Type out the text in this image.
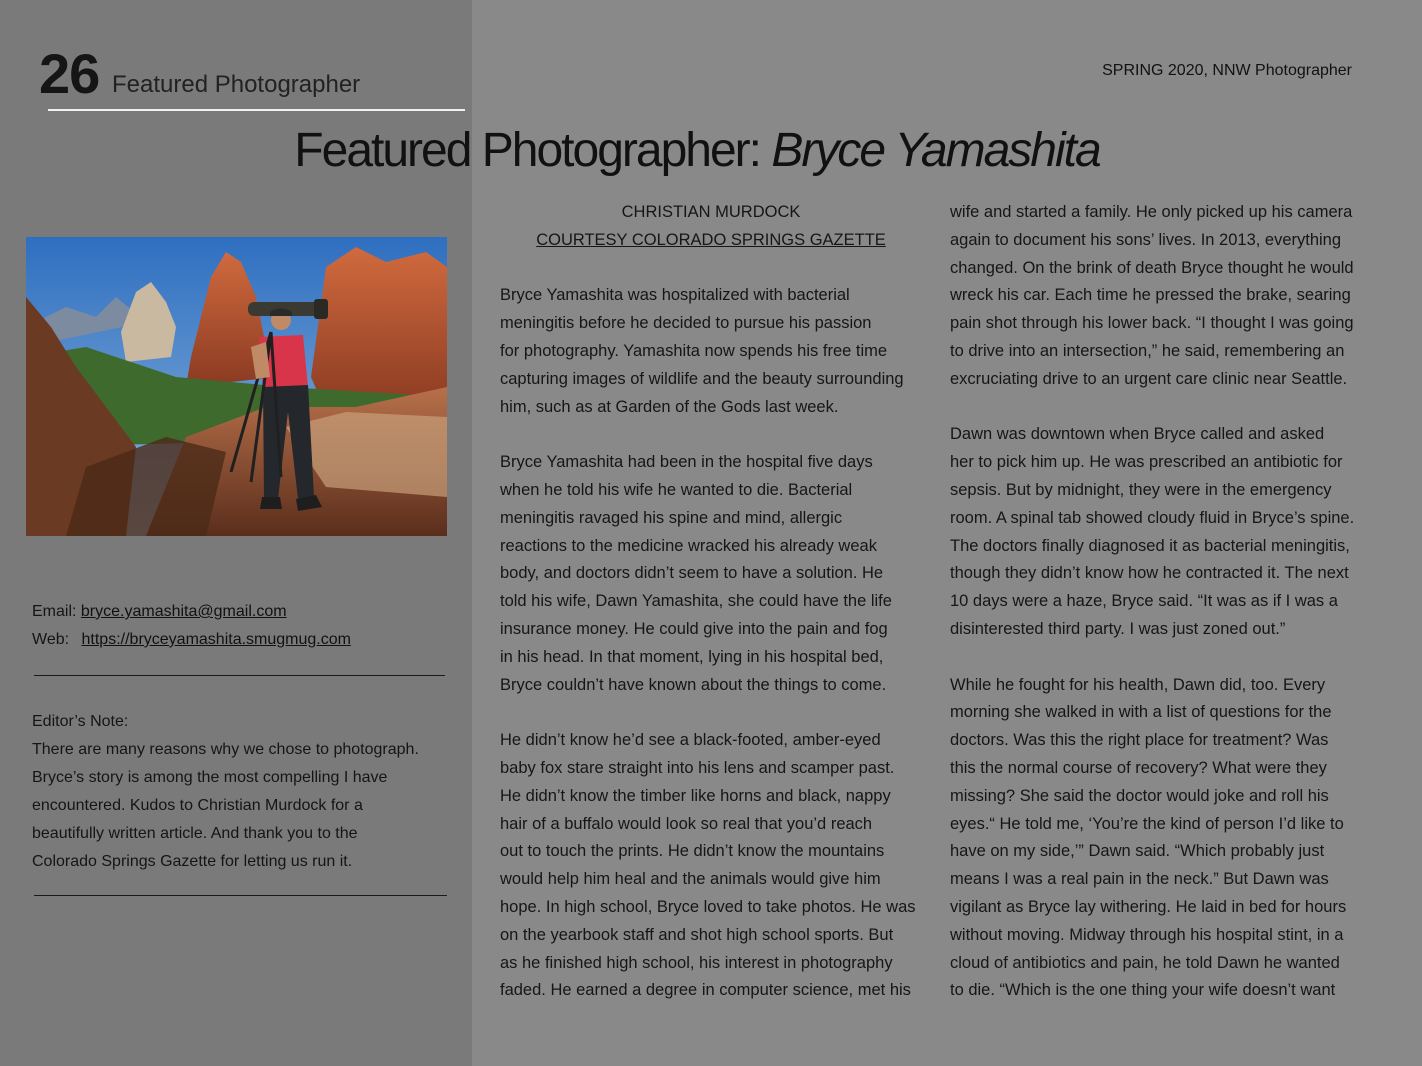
26 Featured Photographer
SPRING 2020, NNW Photographer
Featured Photographer: Bryce Yamashita
Email: bryce.yamashita@gmail.com
Web: https://bryceyamashita.smugmug.com
Editor’s Note:
There are many reasons why we chose to photograph.
Bryce’s story is among the most compelling I have
encountered. Kudos to Christian Murdock for a
beautifully written article. And thank you to the
Colorado Springs Gazette for letting us run it.
CHRISTIAN MURDOCK
COURTESY COLORADO SPRINGS GAZETTE
Bryce Yamashita was hospitalized with bacterial
meningitis before he decided to pursue his passion
for photography. Yamashita now spends his free time
capturing images of wildlife and the beauty surrounding
him, such as at Garden of the Gods last week.
Bryce Yamashita had been in the hospital five days
when he told his wife he wanted to die. Bacterial
meningitis ravaged his spine and mind, allergic
reactions to the medicine wracked his already weak
body, and doctors didn’t seem to have a solution. He
told his wife, Dawn Yamashita, she could have the life
insurance money. He could give into the pain and fog
in his head. In that moment, lying in his hospital bed,
Bryce couldn’t have known about the things to come.
He didn’t know he’d see a black-footed, amber-eyed
baby fox stare straight into his lens and scamper past.
He didn’t know the timber like horns and black, nappy
hair of a buffalo would look so real that you’d reach
out to touch the prints. He didn’t know the mountains
would help him heal and the animals would give him
hope. In high school, Bryce loved to take photos. He was
on the yearbook staff and shot high school sports. But
as he finished high school, his interest in photography
faded. He earned a degree in computer science, met his
wife and started a family. He only picked up his camera
again to document his sons’ lives. In 2013, everything
changed. On the brink of death Bryce thought he would
wreck his car. Each time he pressed the brake, searing
pain shot through his lower back. “I thought I was going
to drive into an intersection,” he said, remembering an
excruciating drive to an urgent care clinic near Seattle.
Dawn was downtown when Bryce called and asked
her to pick him up. He was prescribed an antibiotic for
sepsis. But by midnight, they were in the emergency
room. A spinal tab showed cloudy fluid in Bryce’s spine.
The doctors finally diagnosed it as bacterial meningitis,
though they didn’t know how he contracted it. The next
10 days were a haze, Bryce said. “It was as if I was a
disinterested third party. I was just zoned out.”
While he fought for his health, Dawn did, too. Every
morning she walked in with a list of questions for the
doctors. Was this the right place for treatment? Was
this the normal course of recovery? What were they
missing? She said the doctor would joke and roll his
eyes.“ He told me, ‘You’re the kind of person I’d like to
have on my side,’” Dawn said. “Which probably just
means I was a real pain in the neck.” But Dawn was
vigilant as Bryce lay withering. He laid in bed for hours
without moving. Midway through his hospital stint, in a
cloud of antibiotics and pain, he told Dawn he wanted
to die. “Which is the one thing your wife doesn’t want
